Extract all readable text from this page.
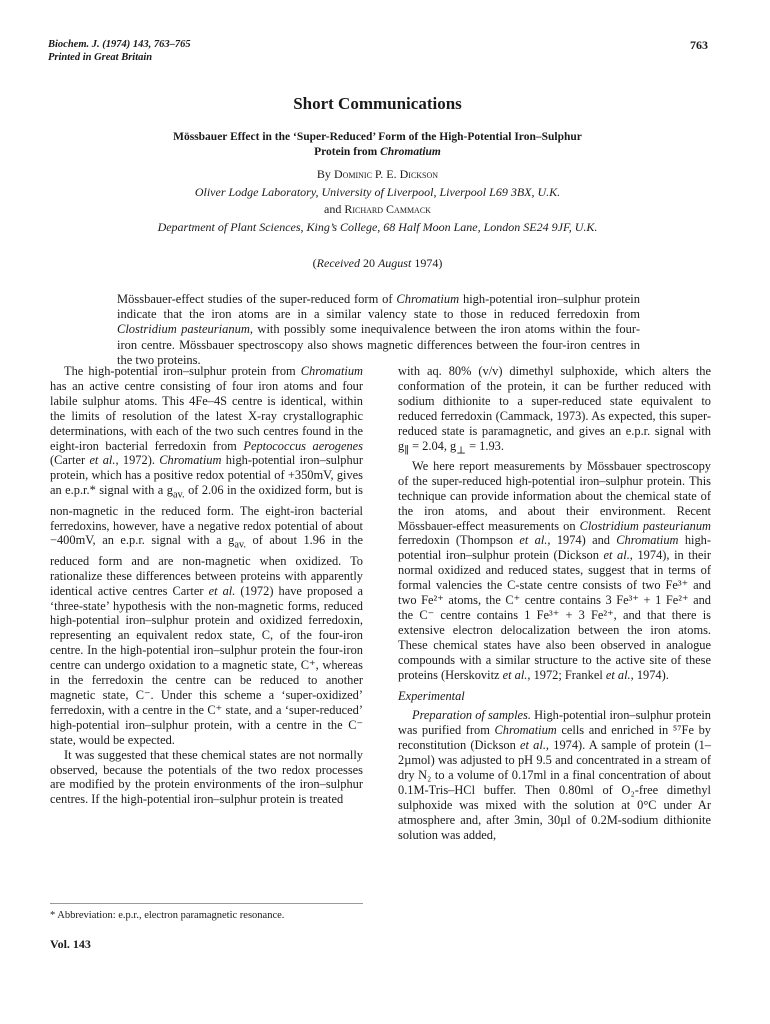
Biochem. J. (1974) 143, 763–765
Printed in Great Britain
763
Short Communications
Mössbauer Effect in the ‘Super-Reduced’ Form of the High-Potential Iron–Sulphur
Protein from Chromatium
By Dominic P. E. Dickson
Oliver Lodge Laboratory, University of Liverpool, Liverpool L69 3BX, U.K.
and Richard Cammack
Department of Plant Sciences, King’s College, 68 Half Moon Lane, London SE24 9JF, U.K.
(Received 20 August 1974)
Mössbauer-effect studies of the super-reduced form of Chromatium high-potential iron–sulphur protein indicate that the iron atoms are in a similar valency state to those in reduced ferredoxin from Clostridium pasteurianum, with possibly some inequivalence between the iron atoms within the four-iron centre. Mössbauer spectroscopy also shows magnetic differences between the four-iron centres in the two proteins.

The high-potential iron–sulphur protein from Chromatium has an active centre consisting of four iron atoms and four labile sulphur atoms. This 4Fe–4S centre is identical, within the limits of resolution of the latest X-ray crystallographic determinations, with each of the two such centres found in the eight-iron bacterial ferredoxin from Peptococcus aerogenes (Carter et al., 1972). Chromatium high-potential iron–sulphur protein, which has a positive redox potential of +350mV, gives an e.p.r.* signal with a $g_{av.}$ of 2.06 in the oxidized form, but is non-magnetic in the reduced form. The eight-iron bacterial ferredoxins, however, have a negative redox potential of about −400mV, an e.p.r. signal with a $g_{av.}$ of about 1.96 in the reduced form and are non-magnetic when oxidized. To rationalize these differences between proteins with apparently identical active centres Carter et al. (1972) have proposed a ‘three-state’ hypothesis with the non-magnetic forms, reduced high-potential iron–sulphur protein and oxidized ferredoxin, representing an equivalent redox state, C, of the four-iron centre. In the high-potential iron–sulphur protein the four-iron centre can undergo oxidation to a magnetic state, C⁺, whereas in the ferredoxin the centre can be reduced to another magnetic state, C⁻. Under this scheme a ‘super-oxidized’ ferredoxin, with a centre in the C⁺ state, and a ‘super-reduced’ high-potential iron–sulphur protein, with a centre in the C⁻ state, would be expected.

It was suggested that these chemical states are not normally observed, because the potentials of the two redox processes are modified by the protein environments of the iron–sulphur centres. If the high-potential iron–sulphur protein is treated

* Abbreviation: e.p.r., electron paramagnetic resonance.
Vol. 143

with aq. 80% (v/v) dimethyl sulphoxide, which alters the conformation of the protein, it can be further reduced with sodium dithionite to a super-reduced state equivalent to reduced ferredoxin (Cammack, 1973). As expected, this super-reduced state is paramagnetic, and gives an e.p.r. signal with $g_\parallel = 2.04$, $g_\perp = 1.93$.

We here report measurements by Mössbauer spectroscopy of the super-reduced high-potential iron–sulphur protein. This technique can provide information about the chemical state of the iron atoms, and about their environment. Recent Mössbauer-effect measurements on Clostridium pasteurianum ferredoxin (Thompson et al., 1974) and Chromatium high-potential iron–sulphur protein (Dickson et al., 1974), in their normal oxidized and reduced states, suggest that in terms of formal valencies the C-state centre consists of two Fe³⁺ and two Fe²⁺ atoms, the C⁺ centre contains 3 Fe³⁺ + 1 Fe²⁺ and the C⁻ centre contains 1 Fe³⁺ + 3 Fe²⁺, and that there is extensive electron delocalization between the iron atoms. These chemical states have also been observed in analogue compounds with a similar structure to the active site of these proteins (Herskovitz et al., 1972; Frankel et al., 1974).

Experimental

Preparation of samples. High-potential iron–sulphur protein was purified from Chromatium cells and enriched in ⁵⁷Fe by reconstitution (Dickson et al., 1974). A sample of protein (1–2µmol) was adjusted to pH 9.5 and concentrated in a stream of dry N₂ to a volume of 0.17ml in a final concentration of about 0.1M-Tris–HCl buffer. Then 0.80ml of O₂-free dimethyl sulphoxide was mixed with the solution at 0°C under Ar atmosphere and, after 3min, 30µl of 0.2M-sodium dithionite solution was added,
